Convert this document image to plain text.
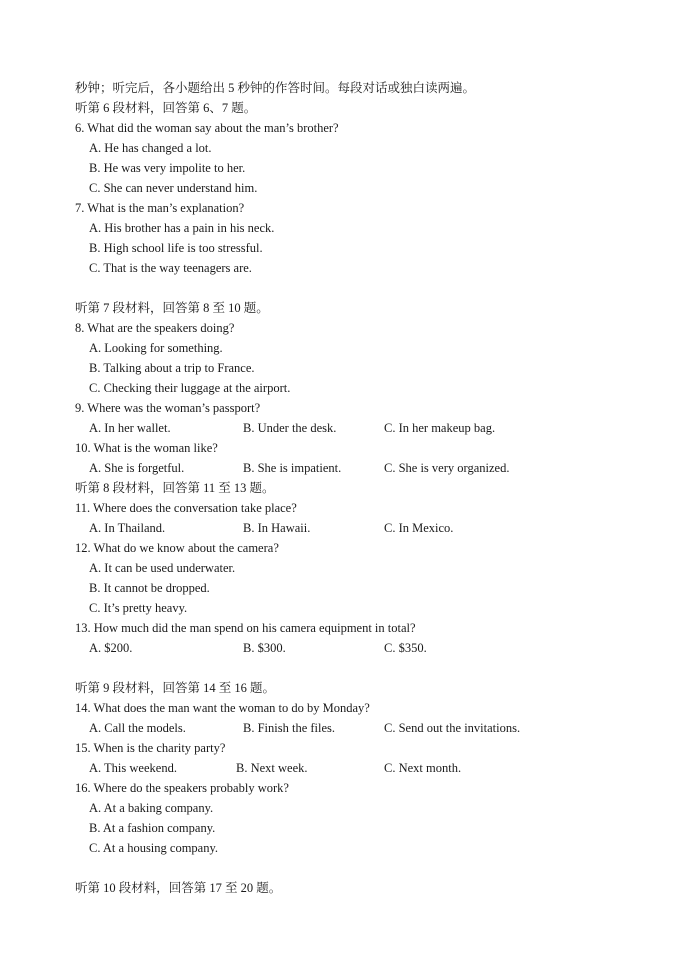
秒钟；听完后，各小题给出 5 秒钟的作答时间。每段对话或独白读两遍。
听第 6 段材料，回答第 6、7 题。
6. What did the woman say about the man’s brother?
A. He has changed a lot.
B. He was very impolite to her.
C. She can never understand him.
7. What is the man’s explanation?
A. His brother has a pain in his neck.
B. High school life is too stressful.
C. That is the way teenagers are.
听第 7 段材料，回答第 8 至 10 题。
8. What are the speakers doing?
A. Looking for something.
B. Talking about a trip to France.
C. Checking their luggage at the airport.
9. Where was the woman’s passport?
A. In her wallet.	B. Under the desk.	C. In her makeup bag.
10. What is the woman like?
A. She is forgetful.	B. She is impatient.	C. She is very organized.
听第 8 段材料，回答第 11 至 13 题。
11. Where does the conversation take place?
A. In Thailand.	B. In Hawaii.	C. In Mexico.
12. What do we know about the camera?
A. It can be used underwater.
B. It cannot be dropped.
C. It’s pretty heavy.
13. How much did the man spend on his camera equipment in total?
A. $200.	B. $300.	C. $350.
听第 9 段材料，回答第 14 至 16 题。
14. What does the man want the woman to do by Monday?
A. Call the models.	B. Finish the files.	C. Send out the invitations.
15. When is the charity party?
A. This weekend.	B. Next week.	C. Next month.
16. Where do the speakers probably work?
A. At a baking company.
B. At a fashion company.
C. At a housing company.
听第 10 段材料，回答第 17 至 20 题。
